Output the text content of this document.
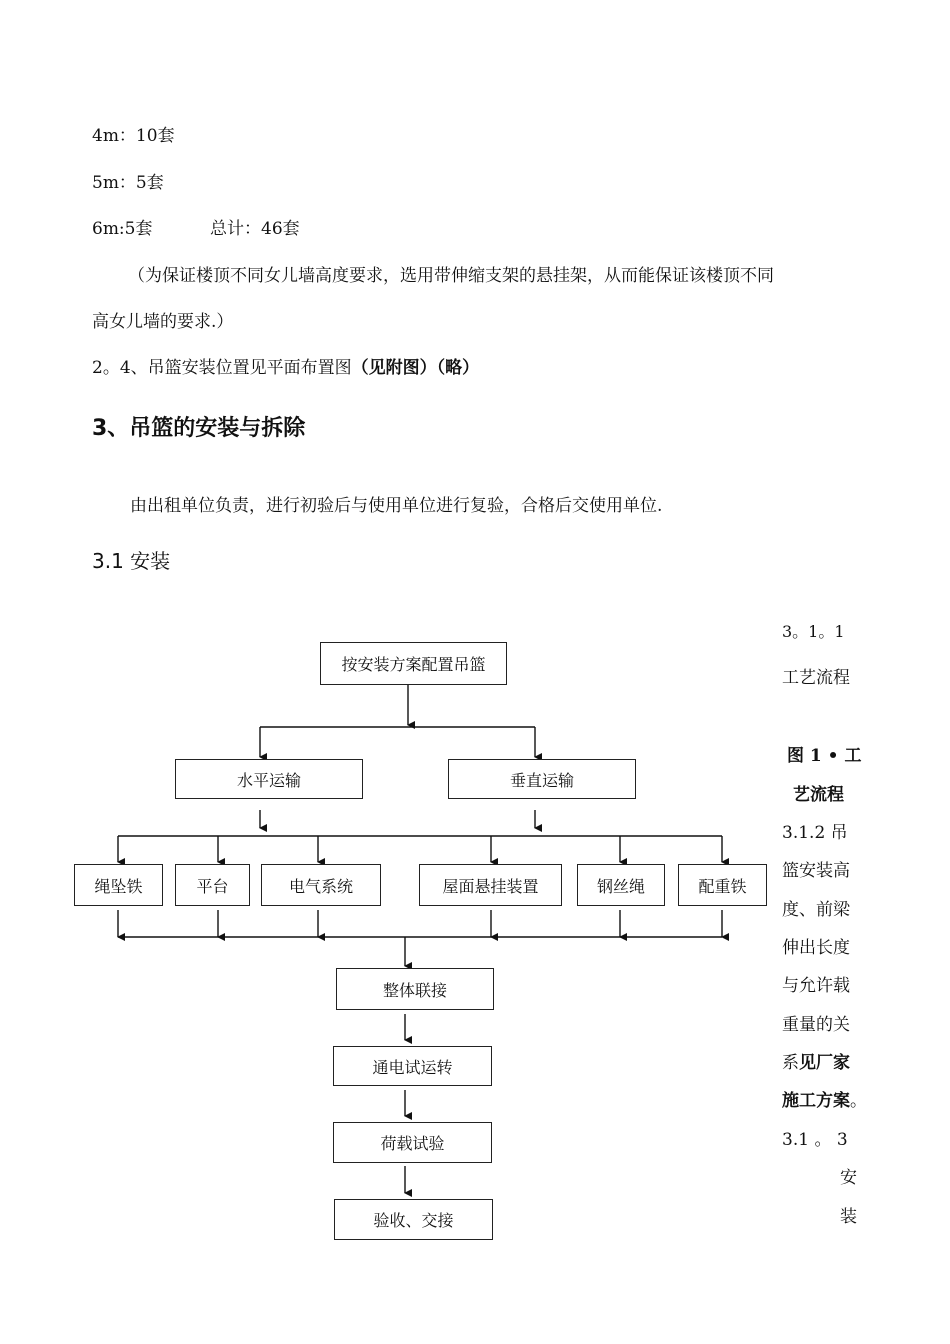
4m：10套
5m：5套
6m:5套	总计：46套
（为保证楼顶不同女儿墙高度要求，选用带伸缩支架的悬挂架，从而能保证该楼顶不同
高女儿墙的要求.）
2。4、吊篮安装位置见平面布置图（见附图）（略）
3、吊篮的安装与拆除
由出租单位负责，进行初验后与使用单位进行复验，合格后交使用单位.
3.1 安装
3。1。1
工艺流程
图 1 • 工
艺流程
3.1.2 吊
篮安装高
度、前梁
伸出长度
与允许载
重量的关
系见厂家
施工方案。
3.1 。 3
安
装
按安装方案配置吊篮
水平运输	垂直运输
绳坠铁	平台	电气系统	屋面悬挂装置	钢丝绳	配重铁
整体联接
通电试运转
荷载试验
验收、交接
